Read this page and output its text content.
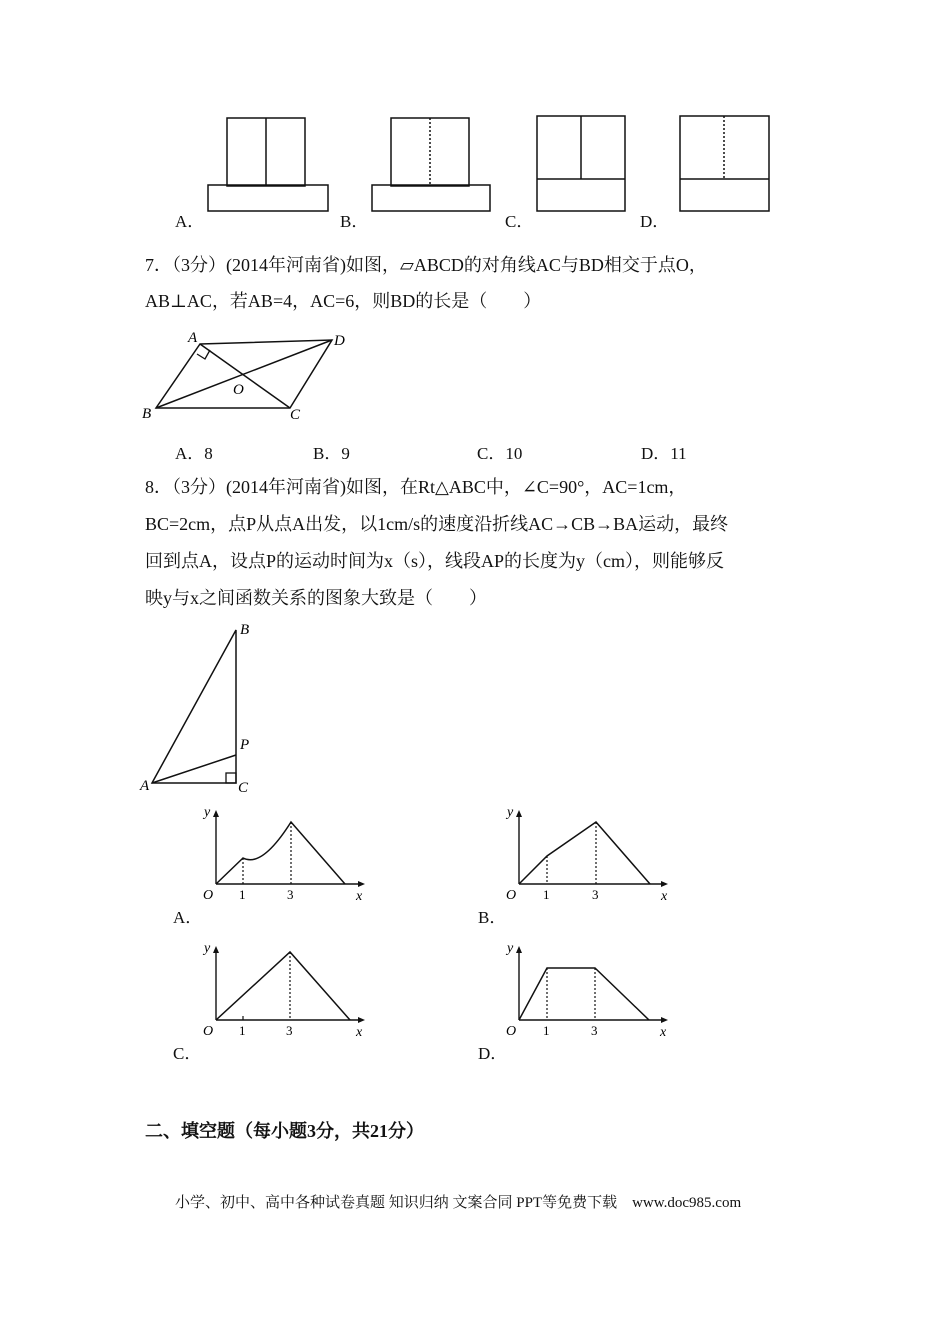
A．	B．	C．	D．
7．（3分）(2014年河南省)如图，▱ABCD的对角线AC与BD相交于点O，
AB⊥AC，若AB=4，AC=6，则BD的长是（　　）
A	D
B	C
O
A．8	B．9	C．10	D．11
8．（3分）(2014年河南省)如图，在Rt△ABC中，∠C=90°，AC=1cm，
BC=2cm，点P从点A出发，以1cm/s的速度沿折线AC→CB→BA运动，最终
回到点A，设点P的运动时间为x（s），线段AP的长度为y（cm），则能够反
映y与x之间函数关系的图象大致是（　　）
B
P
A	C
y
x
O 1	3
A．
y
x
O 1	3
B．
y
x
O 1	3
C．
y
x
O 1	3
D．
二、填空题（每小题3分，共21分）
小学、初中、高中各种试卷真题 知识归纳 文案合同 PPT等免费下载　www.doc985.com
